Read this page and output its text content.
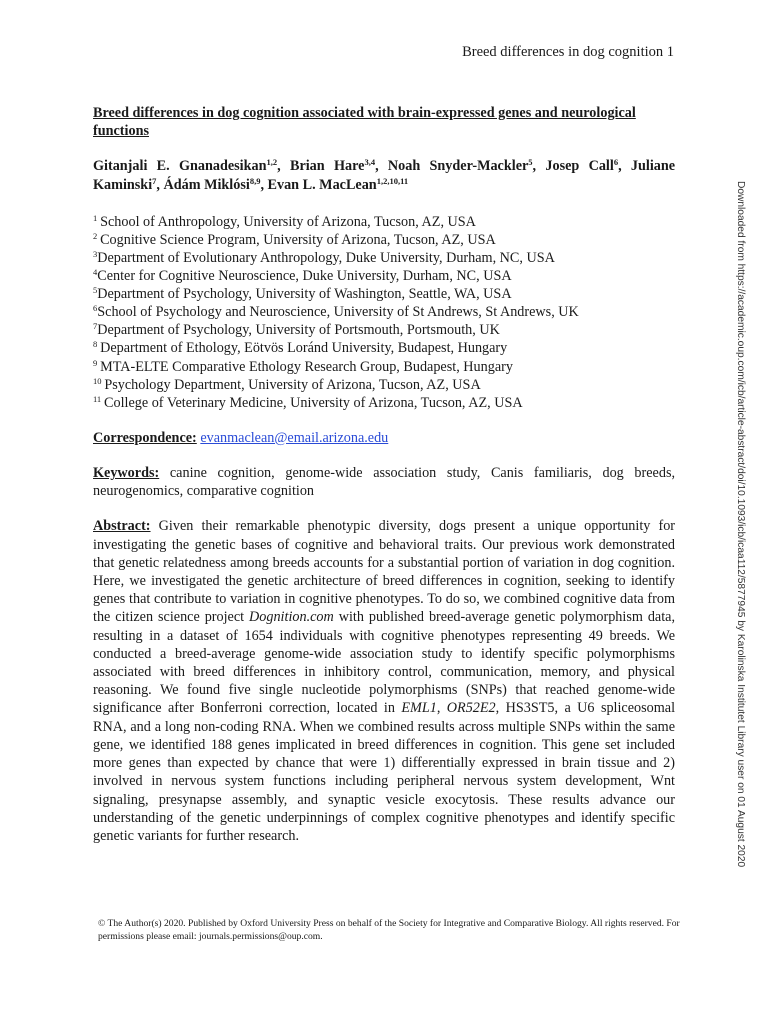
Breed differences in dog cognition 1

Breed differences in dog cognition associated with brain-expressed genes and neurological functions

Gitanjali E. Gnanadesikan$^{1,2}$, Brian Hare$^{3,4}$, Noah Snyder-Mackler$^5$, Josep Call$^6$, Juliane Kaminski$^7$, Ádám Miklósi$^{8,9}$, Evan L. MacLean$^{1,2,10,11}$

$^1$  School of Anthropology, University of Arizona, Tucson, AZ, USA
$^2$  Cognitive Science Program, University of Arizona, Tucson, AZ, USA
$^3$Department of Evolutionary Anthropology, Duke University, Durham, NC, USA
$^4$Center for Cognitive Neuroscience, Duke University, Durham, NC, USA
$^5$Department of Psychology, University of Washington, Seattle, WA, USA
$^6$School of Psychology and Neuroscience, University of St Andrews, St Andrews, UK
$^7$Department of Psychology, University of Portsmouth, Portsmouth, UK
$^8$  Department of Ethology, Eötvös Loránd University, Budapest, Hungary
$^9$  MTA-ELTE Comparative Ethology Research Group, Budapest, Hungary
$^{10}$  Psychology Department, University of Arizona, Tucson, AZ, USA
$^{11}$  College of Veterinary Medicine, University of Arizona, Tucson, AZ, USA

Correspondence: evanmaclean@email.arizona.edu

Keywords: canine cognition, genome-wide association study, Canis familiaris, dog breeds, neurogenomics, comparative cognition

Abstract: Given their remarkable phenotypic diversity, dogs present a unique opportunity for investigating the genetic bases of cognitive and behavioral traits. Our previous work demonstrated that genetic relatedness among breeds accounts for a substantial portion of variation in dog cognition. Here, we investigated the genetic architecture of breed differences in cognition, seeking to identify genes that contribute to variation in cognitive phenotypes. To do so, we combined cognitive data from the citizen science project Dognition.com with published breed-average genetic polymorphism data, resulting in a dataset of 1654 individuals with cognitive phenotypes representing 49 breeds. We conducted a breed-average genome-wide association study to identify specific polymorphisms associated with breed differences in inhibitory control, communication, memory, and physical reasoning. We found five single nucleotide polymorphisms (SNPs) that reached genome-wide significance after Bonferroni correction, located in EML1, OR52E2, HS3ST5, a U6 spliceosomal RNA, and a long non-coding RNA. When we combined results across multiple SNPs within the same gene, we identified 188 genes implicated in breed differences in cognition. This gene set included more genes than expected by chance that were 1) differentially expressed in brain tissue and 2) involved in nervous system functions including peripheral nervous system development, Wnt signaling, presynapse assembly, and synaptic vesicle exocytosis. These results advance our understanding of the genetic underpinnings of complex cognitive phenotypes and identify specific genetic variants for further research.

© The Author(s) 2020. Published by Oxford University Press on behalf of the Society for Integrative and Comparative Biology. All rights reserved. For permissions please email: journals.permissions@oup.com.
Downloaded from https://academic.oup.com/icb/article-abstract/doi/10.1093/icb/icaa112/5877945 by Karolinska Institutet Library user on 01 August 2020
